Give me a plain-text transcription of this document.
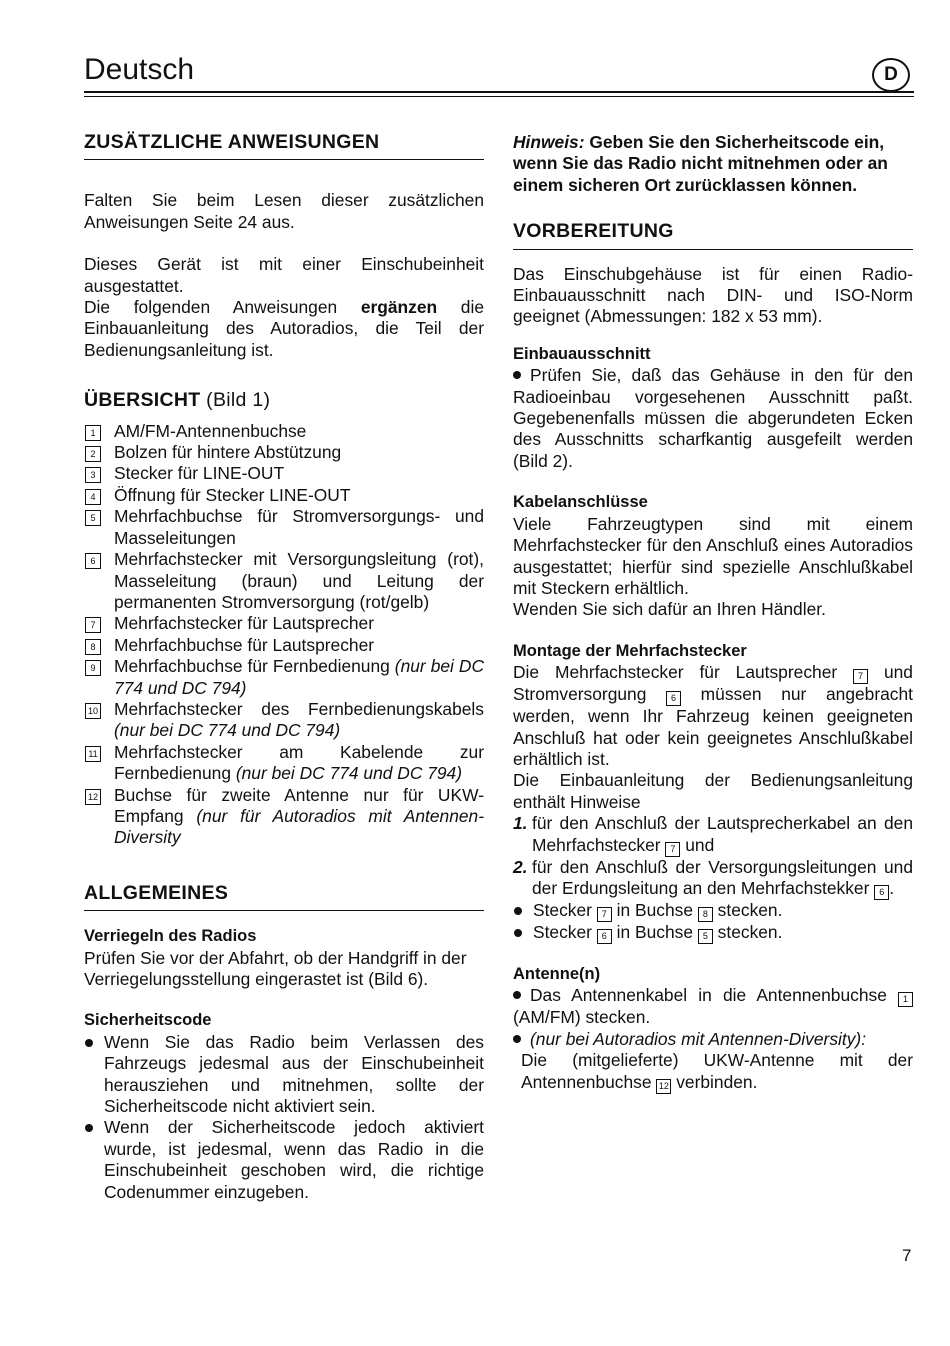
Deutsch	D
ZUSÄTZLICHE ANWEISUNGEN

Falten Sie beim Lesen dieser zusätzlichen Anweisungen Seite 24 aus.

Dieses Gerät ist mit einer Einschubeinheit ausgestattet.

Die folgenden Anweisungen ergänzen die Einbauanleitung des Autoradios, die Teil der Bedienungsanleitung ist.

ÜBERSICHT (Bild 1)
1	AM/FM-Antennenbuchse
2	Bolzen für hintere Abstützung
3	Stecker für LINE-OUT
4	Öffnung für Stecker LINE-OUT
5	Mehrfachbuchse für Stromversorgungs- und Masseleitungen
6	Mehrfachstecker mit Versorgungsleitung (rot), Masseleitung (braun) und Leitung der permanenten Stromversorgung (rot/gelb)
7	Mehrfachstecker für Lautsprecher
8	Mehrfachbuchse für Lautsprecher
9	Mehrfachbuchse für Fernbedienung (nur bei DC 774 und DC 794)
10 Mehrfachstecker des Fernbedienungskabels (nur bei DC 774 und DC 794)
11 Mehrfachstecker am Kabelende zur Fernbedienung (nur bei DC 774 und DC 794)
12 Buchse für zweite Antenne nur für UKW-Empfang (nur für Autoradios mit Antennen-Diversity
ALLGEMEINES
Verriegeln des Radios

Prüfen Sie vor der Abfahrt, ob der Handgriff in der Verriegelungsstellung eingerastet ist (Bild 6).

Sicherheitscode
Wenn Sie das Radio beim Verlassen des Fahrzeugs jedesmal aus der Einschubeinheit herausziehen und mitnehmen, sollte der Sicherheitscode nicht aktiviert sein.
Wenn der Sicherheitscode jedoch aktiviert wurde, ist jedesmal, wenn das Radio in die Einschubeinheit geschoben wird, die richtige Codenummer einzugeben.

Hinweis: Geben Sie den Sicherheitscode ein, wenn Sie das Radio nicht mitnehmen oder an einem sicheren Ort zurücklassen können.

VORBEREITUNG

Das Einschubgehäuse ist für einen Radio-Einbauausschnitt nach DIN- und ISO-Norm geeignet (Abmessungen: 182 x 53 mm).

Einbauausschnitt

Prüfen Sie, daß das Gehäuse in den für den Radioeinbau vorgesehenen Ausschnitt paßt. Gegebenenfalls müssen die abgerundeten Ecken des Ausschnitts scharfkantig ausgefeilt werden (Bild 2).

Kabelanschlüsse

Viele Fahrzeugtypen sind mit einem Mehrfachstecker für den Anschluß eines Autoradios ausgestattet; hierfür sind spezielle Anschlußkabel mit Steckern erhältlich.

Wenden Sie sich dafür an Ihren Händler.

Montage der Mehrfachstecker

Die Mehrfachstecker für Lautsprecher 7 und Stromversorgung 6 müssen nur angebracht werden, wenn Ihr Fahrzeug keinen geeigneten Anschluß hat oder kein geeignetes Anschlußkabel erhältlich ist.

Die Einbauanleitung der Bedienungsanleitung enthält Hinweise

1. für den Anschluß der Lautsprecherkabel an den Mehrfachstecker 7 und
2. für den Anschluß der Versorgungsleitungen und der Erdungsleitung an den Mehrfachstekker 6 .
Stecker 7 in Buchse 8 stecken.
Stecker 6 in Buchse 5 stecken.
Antenne(n)

Das Antennenkabel in die Antennenbuchse 1 (AM/FM) stecken.

(nur bei Autoradios mit Antennen-Diversity):

Die (mitgelieferte) UKW-Antenne mit der Antennenbuchse 12 verbinden.

7
